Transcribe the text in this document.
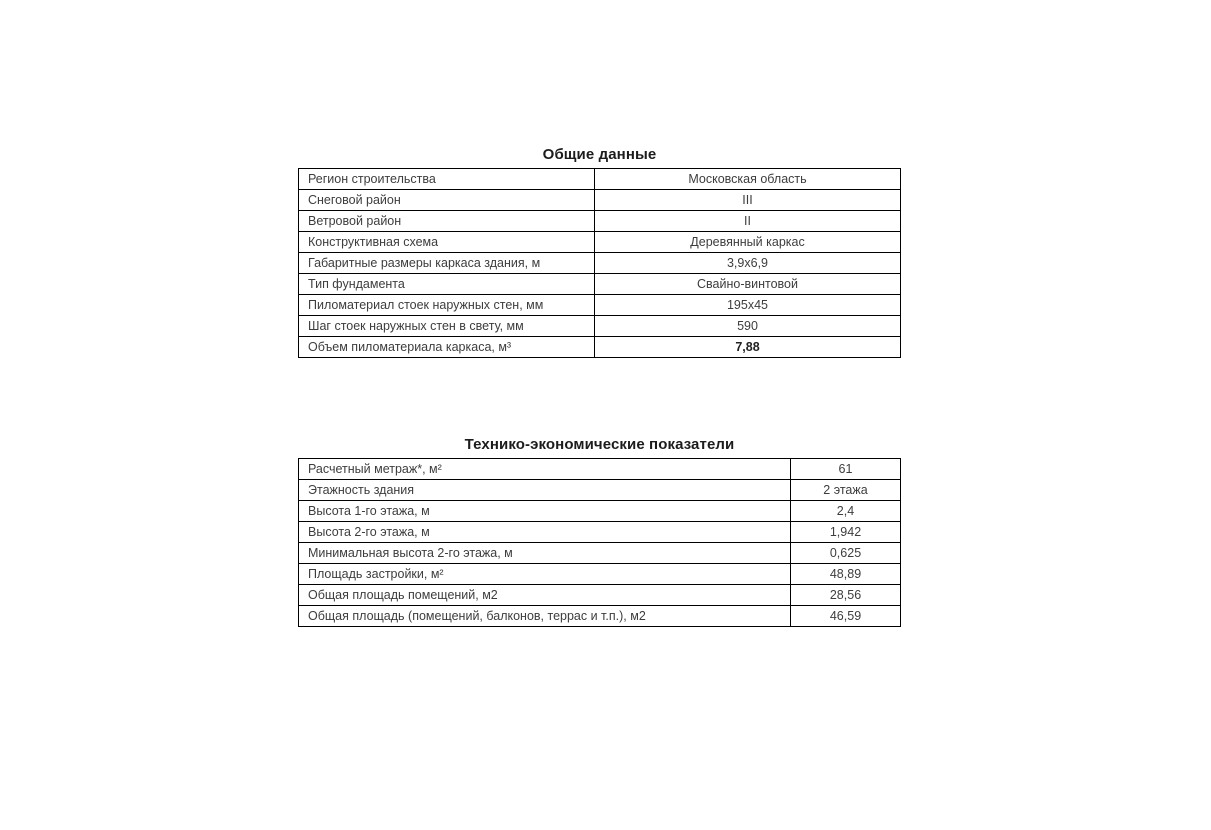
Общие данные
Регион строительства	Московская область
Снеговой район	III
Ветровой район	II
Конструктивная схема	Деревянный каркас
Габаритные размеры каркаса здания, м	3,9х6,9
Тип фундамента	Свайно-винтовой
Пиломатериал стоек наружных стен, мм	195х45
Шаг стоек наружных стен в свету, мм	590
Объем пиломатериала каркаса, м³	7,88
Технико-экономические показатели
Расчетный метраж*, м²	61
Этажность здания	2 этажа
Высота 1-го этажа, м	2,4
Высота 2-го этажа, м	1,942
Минимальная высота 2-го этажа, м	0,625
Площадь застройки, м²	48,89
Общая площадь помещений, м2	28,56
Общая площадь (помещений, балконов, террас и т.п.), м2	46,59
